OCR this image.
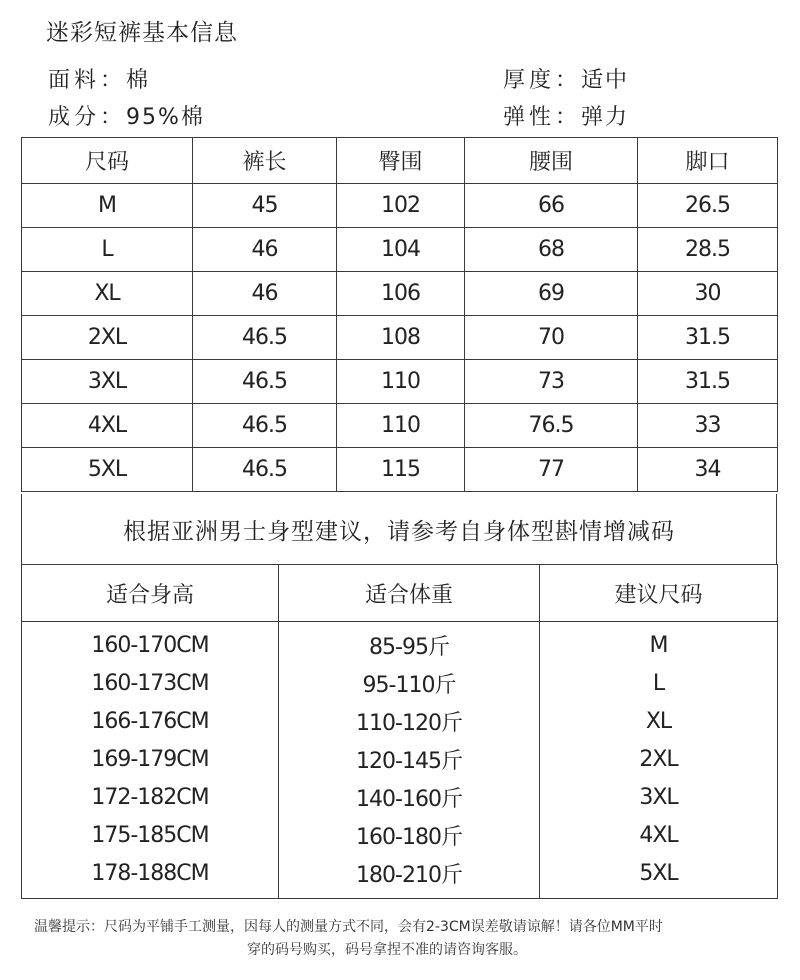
迷彩短裤基本信息
面料：棉	厚度：适中
成分：95%棉	弹性：弹力
尺码	裤长	臀围	腰围	脚口
M	45	102	66	26.5
L	46	104	68	28.5
XL	46	106	69	30
2XL	46.5	108	70	31.5
3XL	46.5	110	73	31.5
4XL	46.5	110	76.5	33
5XL	46.5	115	77	34
根据亚洲男士身型建议，请参考自身体型斟情增减码
适合身高	适合体重	建议尺码
160-170CM	85-95斤	M
160-173CM	95-110斤	L
166-176CM	110-120斤	XL
169-179CM	120-145斤	2XL
172-182CM	140-160斤	3XL
175-185CM	160-180斤	4XL
178-188CM	180-210斤	5XL
温馨提示：尺码为平铺手工测量，因每人的测量方式不同，会有2-3CM误差敬请谅解！请各位MM平时
穿的码号购买，码号拿捏不准的请咨询客服。
